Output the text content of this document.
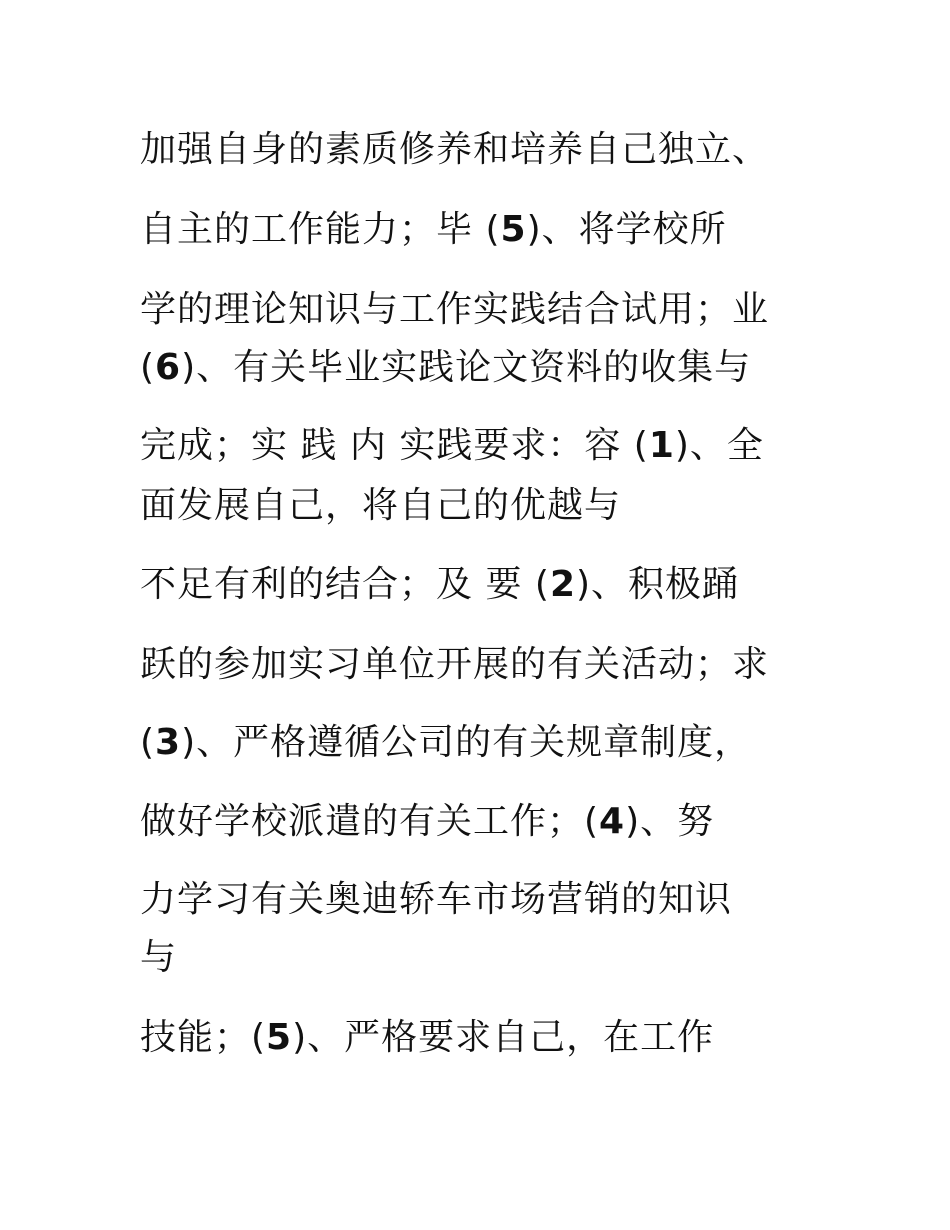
加强自身的素质修养和培养自己独立、
自主的工作能力；毕 (5)、将学校所
学的理论知识与工作实践结合试用；业
(6)、有关毕业实践论文资料的收集与
完成；实 践 内 实践要求：容 (1)、全
面发展自己，将自己的优越与
不足有利的结合；及 要 (2)、积极踊
跃的参加实习单位开展的有关活动；求
(3)、严格遵循公司的有关规章制度，
做好学校派遣的有关工作；(4)、努
力学习有关奥迪轿车市场营销的知识
与
技能；(5)、严格要求自己，在工作
